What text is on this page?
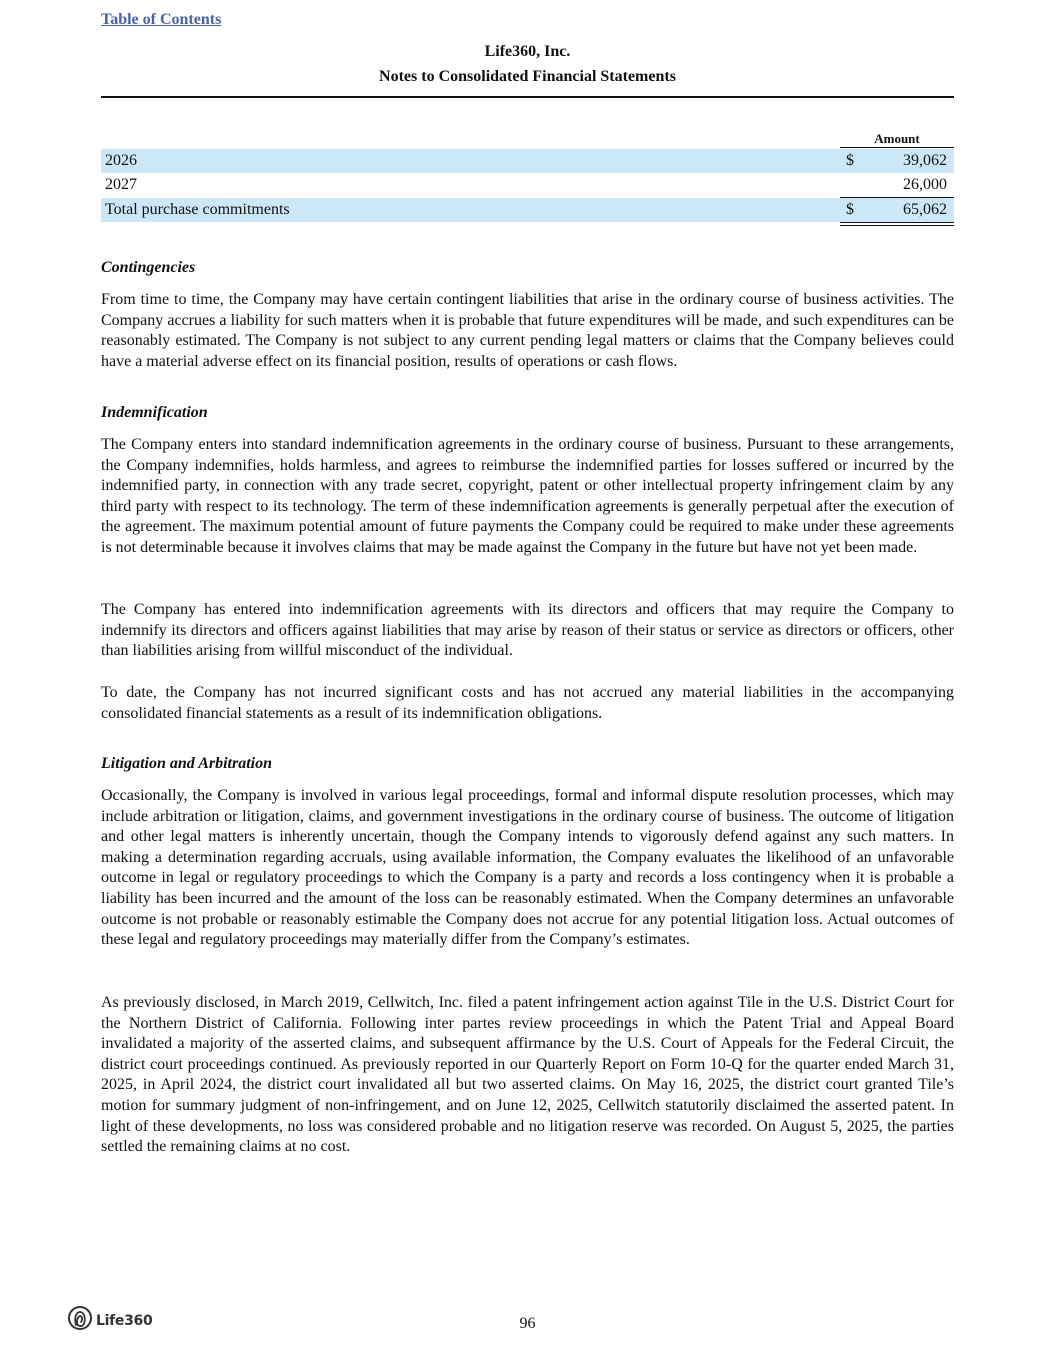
Table of Contents
Life360, Inc.
Notes to Consolidated Financial Statements
Amount
2026	$	39,062
2027	26,000
Total purchase commitments	$	65,062
Contingencies

From time to time, the Company may have certain contingent liabilities that arise in the ordinary course of business activities. The Company accrues a liability for such matters when it is probable that future expenditures will be made, and such expenditures can be reasonably estimated. The Company is not subject to any current pending legal matters or claims that the Company believes could have a material adverse effect on its financial position, results of operations or cash flows.

Indemnification

The Company enters into standard indemnification agreements in the ordinary course of business. Pursuant to these arrangements, the Company indemnifies, holds harmless, and agrees to reimburse the indemnified parties for losses suffered or incurred by the indemnified party, in connection with any trade secret, copyright, patent or other intellectual property infringement claim by any third party with respect to its technology. The term of these indemnification agreements is generally perpetual after the execution of the agreement. The maximum potential amount of future payments the Company could be required to make under these agreements is not determinable because it involves claims that may be made against the Company in the future but have not yet been made.

The Company has entered into indemnification agreements with its directors and officers that may require the Company to indemnify its directors and officers against liabilities that may arise by reason of their status or service as directors or officers, other than liabilities arising from willful misconduct of the individual.

To date, the Company has not incurred significant costs and has not accrued any material liabilities in the accompanying consolidated financial statements as a result of its indemnification obligations.

Litigation and Arbitration

Occasionally, the Company is involved in various legal proceedings, formal and informal dispute resolution processes, which may include arbitration or litigation, claims, and government investigations in the ordinary course of business. The outcome of litigation and other legal matters is inherently uncertain, though the Company intends to vigorously defend against any such matters. In making a determination regarding accruals, using available information, the Company evaluates the likelihood of an unfavorable outcome in legal or regulatory proceedings to which the Company is a party and records a loss contingency when it is probable a liability has been incurred and the amount of the loss can be reasonably estimated. When the Company determines an unfavorable outcome is not probable or reasonably estimable the Company does not accrue for any potential litigation loss. Actual outcomes of these legal and regulatory proceedings may materially differ from the Company’s estimates.

As previously disclosed, in March 2019, Cellwitch, Inc. filed a patent infringement action against Tile in the U.S. District Court for the Northern District of California. Following inter partes review proceedings in which the Patent Trial and Appeal Board invalidated a majority of the asserted claims, and subsequent affirmance by the U.S. Court of Appeals for the Federal Circuit, the district court proceedings continued. As previously reported in our Quarterly Report on Form 10-Q for the quarter ended March 31, 2025, in April 2024, the district court invalidated all but two asserted claims. On May 16, 2025, the district court granted Tile’s motion for summary judgment of non-infringement, and on June 12, 2025, Cellwitch statutorily disclaimed the asserted patent. In light of these developments, no loss was considered probable and no litigation reserve was recorded. On August 5, 2025, the parties settled the remaining claims at no cost.

Life360	96
